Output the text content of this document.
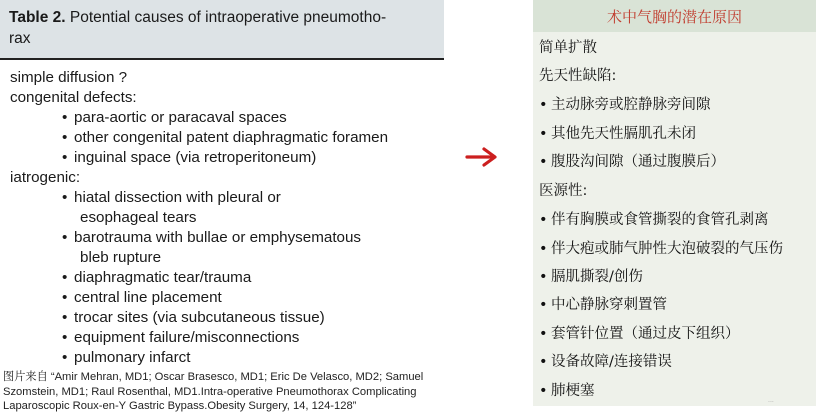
Table 2. Potential causes of intraoperative pneumotho-
rax
simple diffusion ?
congenital defects:
• para-aortic or paracaval spaces
• other congenital patent diaphragmatic foramen
• inguinal space (via retroperitoneum)
iatrogenic:
• hiatal dissection with pleural or
esophageal tears
• barotrauma with bullae or emphysematous
bleb rupture
• diaphragmatic tear/trauma
• central line placement
• trocar sites (via subcutaneous tissue)
• equipment failure/misconnections
• pulmonary infarct
图片来自 “Amir Mehran, MD1; Oscar Brasesco, MD1; Eric De Velasco, MD2; Samuel
Szomstein, MD1; Raul Rosenthal, MD1.Intra-operative Pneumothorax Complicating
Laparoscopic Roux-en-Y Gastric Bypass.Obesity Surgery, 14, 124-128”
术中气胸的潜在原因
简单扩散
先天性缺陷:
• 主动脉旁或腔静脉旁间隙
• 其他先天性膈肌孔未闭
• 腹股沟间隙（通过腹膜后）
医源性:
• 伴有胸膜或食管撕裂的食管孔剥离
• 伴大疱或肺气肿性大泡破裂的气压伤
• 膈肌撕裂/创伤
• 中心静脉穿刺置管
• 套管针位置（通过皮下组织）
• 设备故障/连接错误
• 肺梗塞
...
